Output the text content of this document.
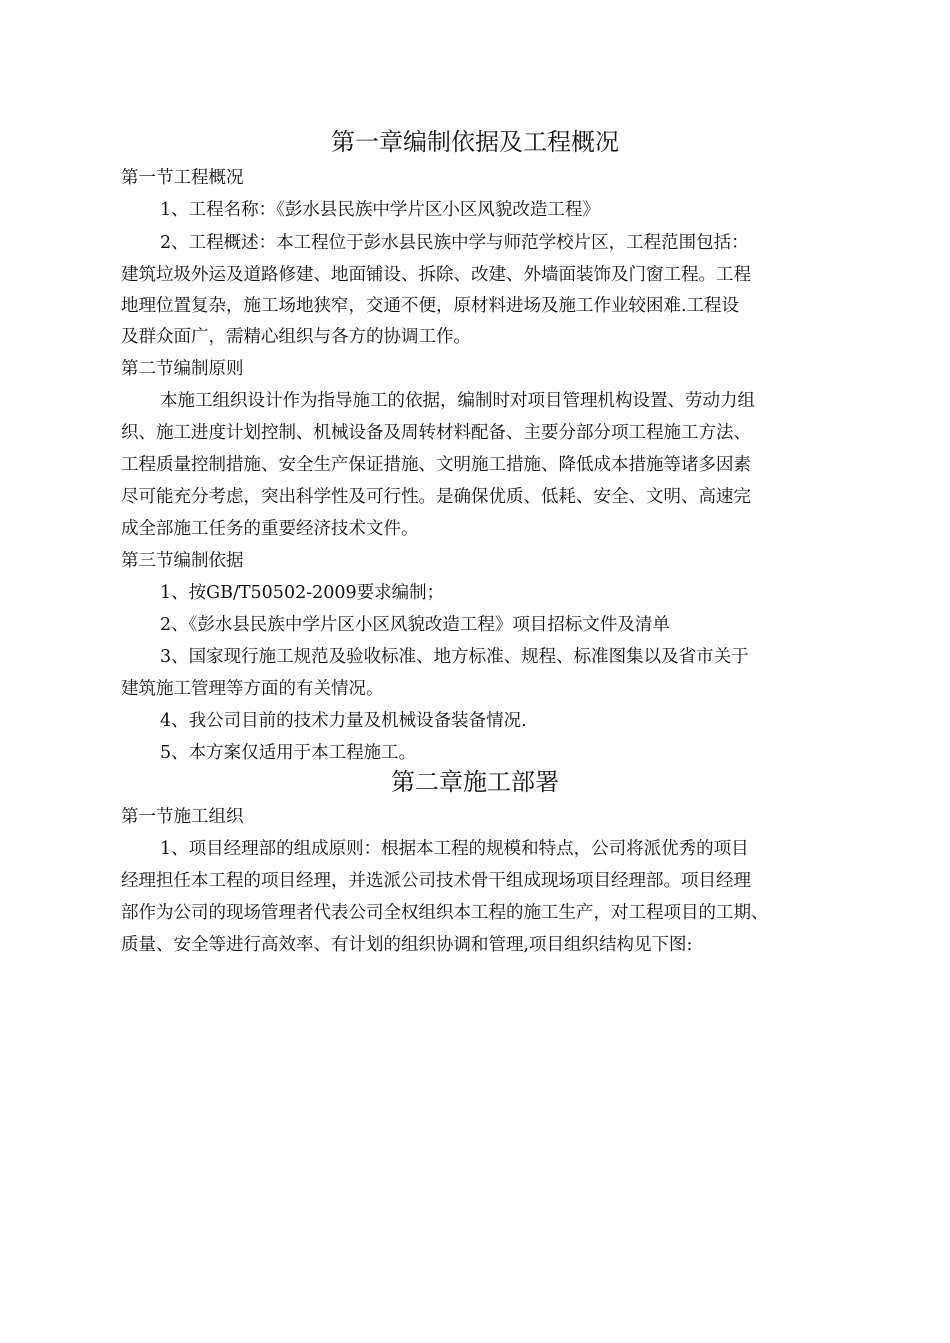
第一章编制依据及工程概况
第一节工程概况
1、工程名称：《彭水县民族中学片区小区风貌改造工程》
2、工程概述：本工程位于彭水县民族中学与师范学校片区，工程范围包括：
建筑垃圾外运及道路修建、地面铺设、拆除、改建、外墙面装饰及门窗工程。工程
地理位置复杂，施工场地狭窄，交通不便，原材料进场及施工作业较困难.工程设
及群众面广，需精心组织与各方的协调工作。
第二节编制原则
本施工组织设计作为指导施工的依据，编制时对项目管理机构设置、劳动力组
织、施工进度计划控制、机械设备及周转材料配备、主要分部分项工程施工方法、
工程质量控制措施、安全生产保证措施、文明施工措施、降低成本措施等诸多因素
尽可能充分考虑，突出科学性及可行性。是确保优质、低耗、安全、文明、高速完
成全部施工任务的重要经济技术文件。
第三节编制依据
1、按GB/T50502-2009要求编制；
2、《彭水县民族中学片区小区风貌改造工程》项目招标文件及清单
3、国家现行施工规范及验收标准、地方标准、规程、标准图集以及省市关于
建筑施工管理等方面的有关情况。
4、我公司目前的技术力量及机械设备装备情况.
5、本方案仅适用于本工程施工。
第二章施工部署
第一节施工组织
1、项目经理部的组成原则：根据本工程的规模和特点，公司将派优秀的项目
经理担任本工程的项目经理，并选派公司技术骨干组成现场项目经理部。项目经理
部作为公司的现场管理者代表公司全权组织本工程的施工生产，对工程项目的工期、
质量、安全等进行高效率、有计划的组织协调和管理,项目组织结构见下图:
